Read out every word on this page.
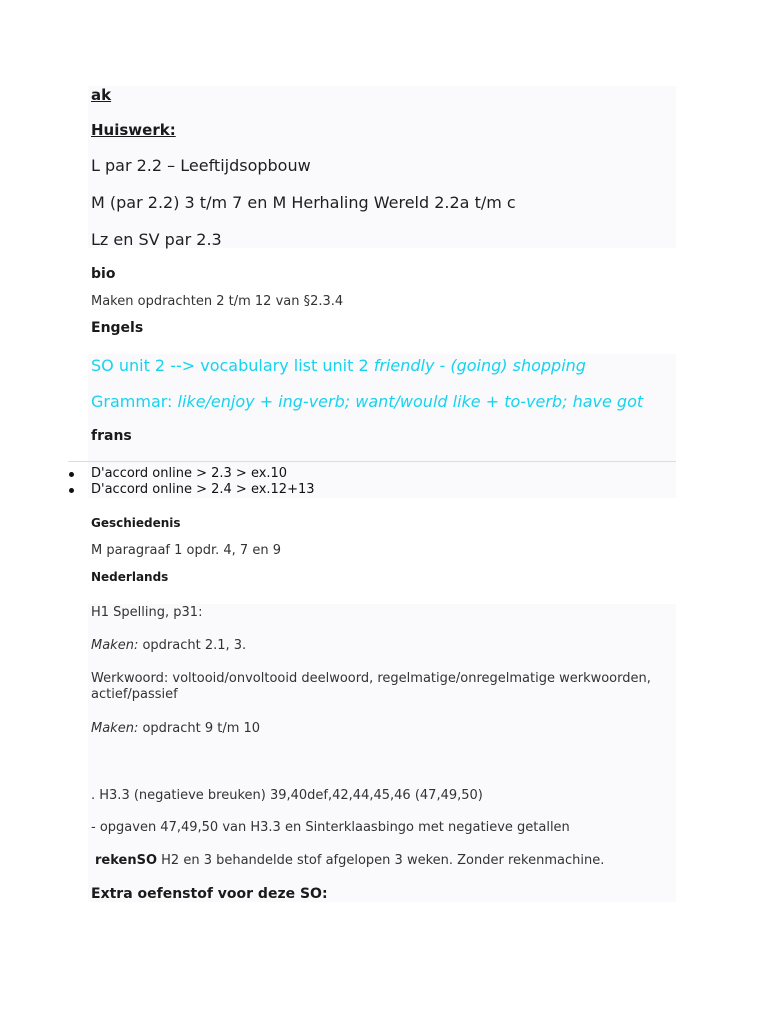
ak
Huiswerk:
L par 2.2 – Leeftijdsopbouw
M (par 2.2) 3 t/m 7 en M Herhaling Wereld 2.2a t/m c
Lz en SV par 2.3
bio
Maken opdrachten 2 t/m 12 van §2.3.4
Engels
SO unit 2 --> vocabulary list unit 2 friendly - (going) shopping
Grammar: like/enjoy + ing-verb; want/would like + to-verb; have got
frans
D'accord online > 2.3 > ex.10
D'accord online > 2.4 > ex.12+13
Geschiedenis
M paragraaf 1 opdr. 4, 7 en 9
Nederlands
H1 Spelling, p31:
Maken: opdracht 2.1, 3.
Werkwoord: voltooid/onvoltooid deelwoord, regelmatige/onregelmatige werkwoorden, actief/passief
Maken: opdracht 9 t/m 10
. H3.3 (negatieve breuken) 39,40def,42,44,45,46 (47,49,50)
- opgaven 47,49,50 van H3.3 en Sinterklaasbingo met negatieve getallen
rekenSO H2 en 3 behandelde stof afgelopen 3 weken. Zonder rekenmachine.
Extra oefenstof voor deze SO:
